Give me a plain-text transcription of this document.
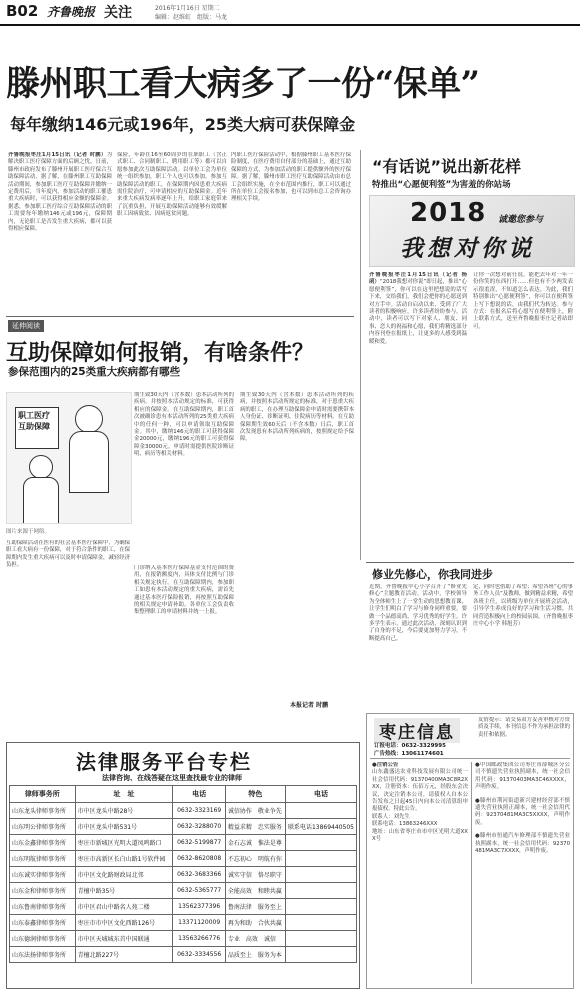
B02 齐鲁晚报 关注	2016年1月16日 星期二
编辑：赵维虹　组版：马龙
滕州职工看大病多了一份“保单”
每年缴纳146元或196年，25类大病可获保障金
齐鲁晚报枣庄1月15日讯（记者 时鹏）为解决职工医疗保障方面的后顾之忧，日前，滕州市政府发布了滕州开展职工医疗保合互助保障活动，据了解，在滕州职工互助保障活动期间，参加职工医疗互助保障并缴纳一定费用后，当年度内，参加活动的职工罹患重大疾病时，可以获得相应金额的保障金。据悉，参加职工医疗综合互助保障活动的职工需要每年缴纳146元或196元，保障期内，无论职工是否发生重大疾病，都可以获得相应保障。
保险，年龄在16至60周岁的在职职工（含正式职工、合同制职工、聘用职工等）都可以自愿参加此次互助保障活动。以单位工会为单位统一组织参加，职工个人也可以参加。参加互助保障活动的职工，在保障期内因患重大疾病需住院治疗，可申请相应的互助保障金。近年来重大疾病发病率逐年上升，给职工家庭带来了沉重负担，开展互助保障活动能够有效缓解职工因病致贫、因病返贫问题。
内职工医疗保险活动中，根据滕州职工基本医疗保险制度，在医疗费用自付部分的基础上，通过互助保障的方式，为参加活动的职工提供额外的医疗保障。据了解，滕州市职工医疗互助保障活动由市总工会组织实施，在全市范围内推行，职工可以通过所在单位工会报名参加，也可以到市总工会咨询办理相关手续。
“有话说”说出新花样
特推出“心愿便利签”为害羞的你站场
2018 诚邀您参与
我想对你说
齐鲁晚报枣庄1月15日讯（记者 杨函）“2018我想对你说”即日起，推出“心愿便利签”，你可以在这里把想说的话写下来，交给我们，我们会把你的心愿送到对方手中。活动自启动以来，受到了广大读者的积极响应，许多读者纷纷参与。活动中，读者可以写下对家人、朋友、同事、恋人的祝福和心愿，我们将精选部分内容刊登在报纸上，让更多的人感受到温暖和爱。
让你一次想对前任说，能把去年对一年一份你笑的东西打开……但也有不少两发表示很羞涩，不知道怎么表达。为此，我们特别推出“心愿便利签”，你可以在便利签上写下想说的话，由我们代为转达。参与方式：在报名后将心愿写在便利签上，附上联系方式，送至齐鲁晚报枣庄记者站即可。
延伸阅读
互助保障如何报销，有啥条件？
参保范围内的25类重大疾病都有哪些
职工医疗互助保障
图片来源于网络。
互助保障活动在医有的社会基本医疗保障中，为确保职工看大病有一份保障，对于符合条件的职工，在保障期内发生重大疾病可以及时申请保障金，减轻经济负担。
期生致30天内（含本数）患本活动所列的疾病，并按照本活动规定的标准，可获得相应的保障金。在互助保障期内，职工首次被确诊患有本活动所列的25类重大疾病中的任何一种，可以申请领取互助保障金。其中，缴纳146元的职工可获得保障金20000元，缴纳196元的职工可获得保障金30000元。申请时需提供医院诊断证明、病历等相关材料。
门诊纳入基本医疗保障基金支付范围的费用，在报销额度内，具体支付比例与门诊相关规定执行。在互助保障期内，参加职工如患有本活动规定的重大疾病，需首先通过基本医疗保险报销，再按照互助保障的相关规定申请补助。各单位工会负责收集整理职工的申请材料并统一上报。
期生致30天内（含本数）患本活动所列的疾病，并按照本活动所规定的标准，对于患重大疾病的职工，在办理互助保障金申请时需要携带本人身份证、诊断证明、住院病历等材料。在互助保障期生效60天后（不含本数）日后，职工首次发现患有本活动所列疾病的，按照规定给予保障。
本报记者 时鹏
修业先修心，你我同进步
近期，齐鲁晚报中心小学召开了“修业先修心”主题教育活动。活动中，学校领导为全体师生上了一堂生动的思想教育课，让学生们明白了学习与修身同样重要，要做一个品德高尚、学习优秀的好学生。许多学生表示，通过此次活动，深刻认识到了自身的不足，今后要更加努力学习，不断提高自己。
定，同时也借助了希望；希望各班“心的事务工作人员”及教师，做到精益求精，希望各班主任，以班级为单位开展班会活动，引导学生养成良好的学习和生活习惯，共同营造积极向上的校园氛围。（齐鲁晚报枣庄中心小学 韩旭芳）
枣庄信息
订报电话：0632-3329995
广告热线：13061174601
友情提示：请交易双方妥善审核对方资质及手续，本刊信息不作为承担法律的责任和依据。
●注销公告
山东鑫盛达农业科技发展有限公司统一社会信用代码：91370400MA3C8R2XXX，注册资本：伍佰万元，经股东会决议，决定注销本公司，请债权人自本公告发布之日起45日内向本公司清算组申报债权。特此公告。
联系人：刘先生
联系电话：13863246XXX
地址：山东省枣庄市市中区光明大道XXX号
●中国邮政集团公司枣庄市薛城区分公司不慎遗失营业执照副本，统一社会信用代码：91370403MA3C46XXXX，声明作废。
●滕州市荆河街道新兴建材经营部不慎遗失营业执照正副本，统一社会信用代码：92370481MA3C5XXXX，声明作废。
●滕州市恒通汽车修理部不慎遗失营业执照副本，统一社会信用代码：92370481MA3C7XXXX，声明作废。
法律服务平台专栏
法律咨询、在线答疑在这里查找最专业的律师
律师事务所	址　址	电话	特色	电话
山东龙头律师事务所	市中区龙头中路28号	0632-3323169	诚信协作　敬业争先	
山东明公律师事务所	市中区龙头中路531号	0632-3288070	精益求精　忠实服务	联系电话13869440505
山东金鑫律师事务所	枣庄市新城区光明大道凤鸣路口	0632-5199877	金石志诚　惟法是尊	
山东明航律师事务所	枣庄市高新区长白山路1号软件园	0632-8620808	不忘初心　明航有你	
山东诚实律师事务所	市中区文化路财政局北邻	0632-3683366	诚实守信　恪尽职守	
山东金和律师事务所	青檀中路35号	0632-5365777	全能高效　和睦共赢	
山东鲁南律师事务所	市中区君山中路名人苑二楼	13562377396	鲁南法律　服务至上	
山东泰鑫律师事务所	枣庄市市中区文化西路126号	13371120009	再为和助　合伙共赢	
山东德润律师事务所	市中区天城城东首中国联通	13563266776	专业　高效　诚信	
山东法扬律师事务所	青檀北路227号	0632-3334556	品质至上　服务为本	
